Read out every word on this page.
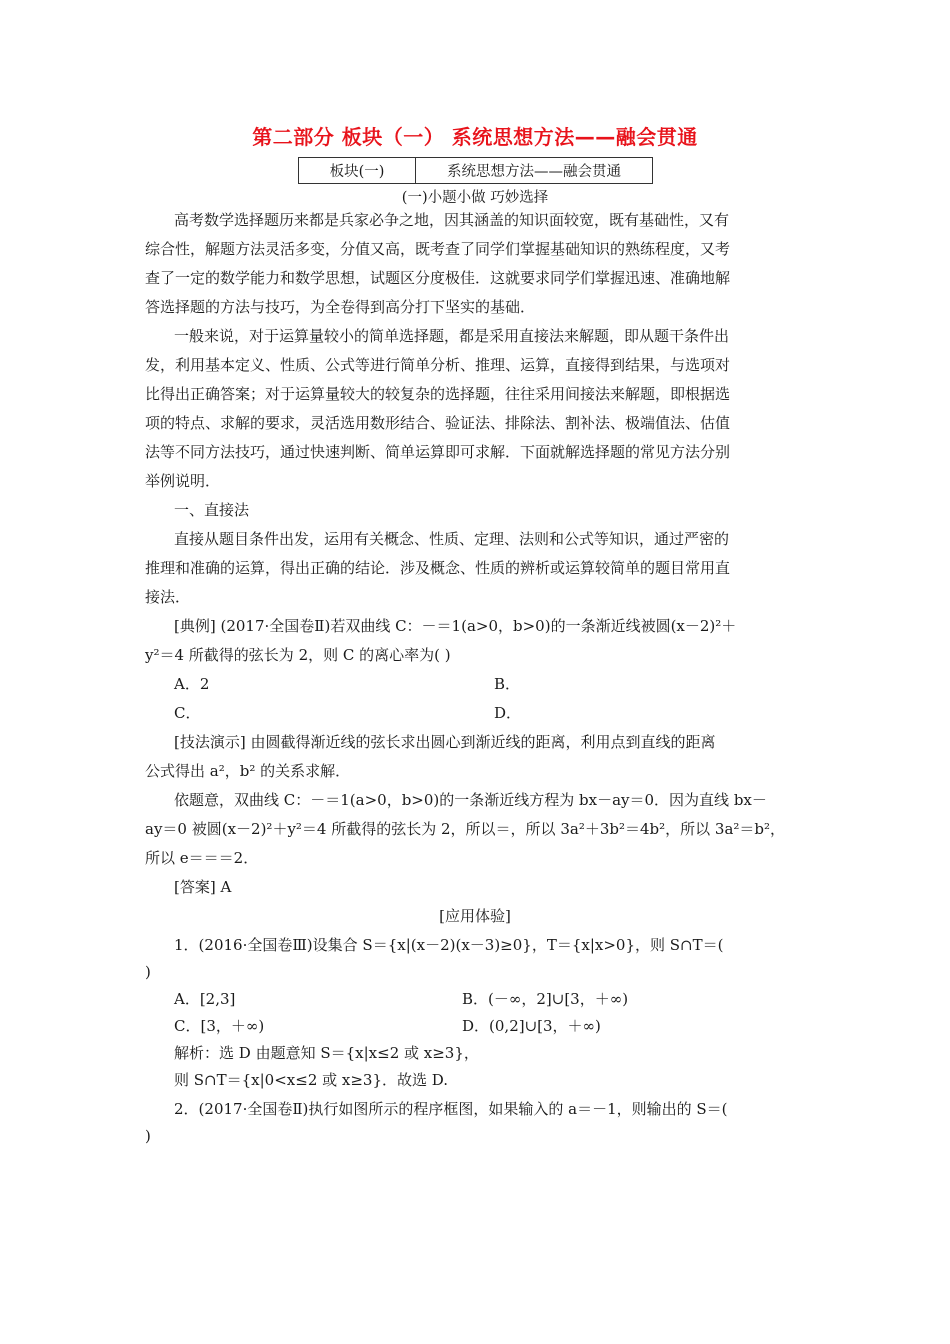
第二部分 板块（一） 系统思想方法——融会贯通
板块(一)	系统思想方法——融会贯通
(一)小题小做 巧妙选择
高考数学选择题历来都是兵家必争之地，因其涵盖的知识面较宽，既有基础性，又有
综合性，解题方法灵活多变，分值又高，既考查了同学们掌握基础知识的熟练程度，又考
查了一定的数学能力和数学思想，试题区分度极佳．这就要求同学们掌握迅速、准确地解
答选择题的方法与技巧，为全卷得到高分打下坚实的基础．
一般来说，对于运算量较小的简单选择题，都是采用直接法来解题，即从题干条件出
发，利用基本定义、性质、公式等进行简单分析、推理、运算，直接得到结果，与选项对
比得出正确答案；对于运算量较大的较复杂的选择题，往往采用间接法来解题，即根据选
项的特点、求解的要求，灵活选用数形结合、验证法、排除法、割补法、极端值法、估值
法等不同方法技巧，通过快速判断、简单运算即可求解．下面就解选择题的常见方法分别
举例说明．
一、直接法
直接从题目条件出发，运用有关概念、性质、定理、法则和公式等知识，通过严密的
推理和准确的运算，得出正确的结论．涉及概念、性质的辨析或运算较简单的题目常用直
接法．
[典例] (2017·全国卷Ⅱ)若双曲线 C：－＝1(a>0，b>0)的一条渐近线被圆(x－2)²＋
y²＝4 所截得的弦长为 2，则 C 的离心率为( )
A．2	B．
C．	D．
[技法演示] 由圆截得渐近线的弦长求出圆心到渐近线的距离，利用点到直线的距离
公式得出 a²，b² 的关系求解．
依题意，双曲线 C：－＝1(a>0，b>0)的一条渐近线方程为 bx－ay＝0．因为直线 bx－
ay＝0 被圆(x－2)²＋y²＝4 所截得的弦长为 2，所以＝，所以 3a²＋3b²＝4b²，所以 3a²＝b²，
所以 e＝＝＝2．
[答案] A
[应用体验]
1．(2016·全国卷Ⅲ)设集合 S＝{x|(x－2)(x－3)≥0}，T＝{x|x>0}，则 S∩T＝(
)
A．[2,3]	B．(－∞，2]∪[3，＋∞)
C．[3，＋∞)	D．(0,2]∪[3，＋∞)
解析：选 D 由题意知 S＝{x|x≤2 或 x≥3}，
则 S∩T＝{x|0<x≤2 或 x≥3}．故选 D.
2．(2017·全国卷Ⅱ)执行如图所示的程序框图，如果输入的 a＝－1，则输出的 S＝(
)
